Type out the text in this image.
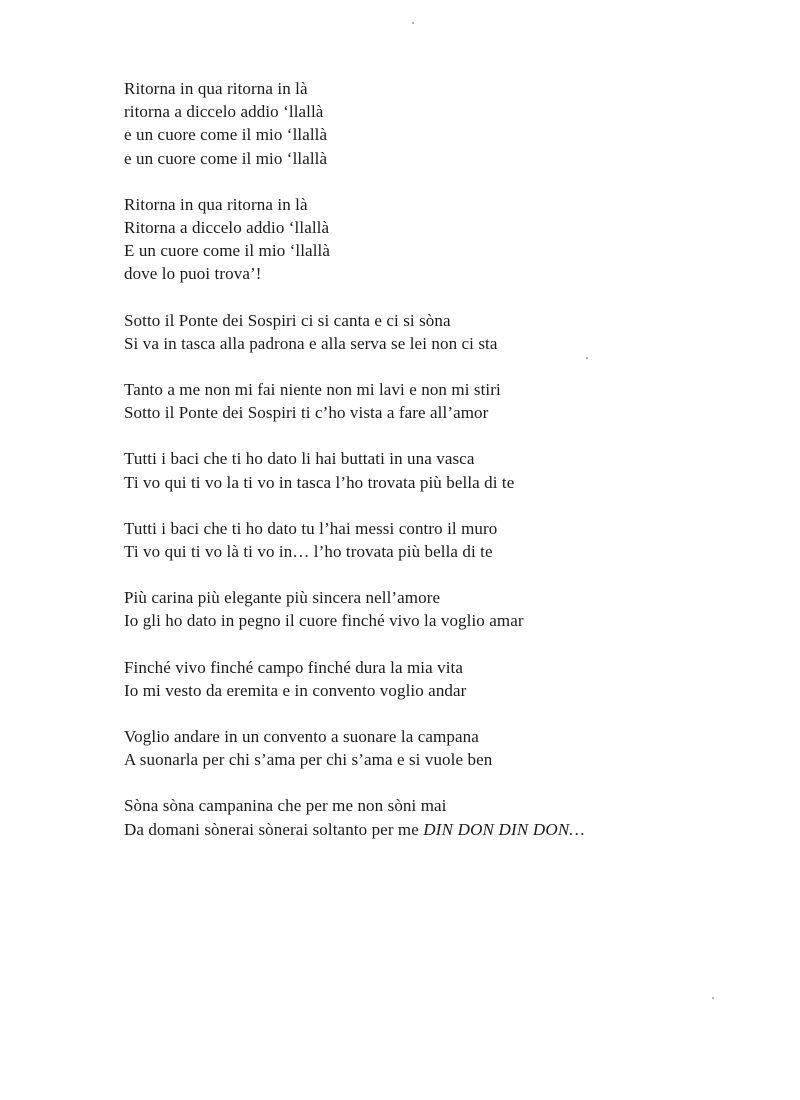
Ritorna in qua ritorna in là
ritorna a diccelo addio ‘llallà
e un cuore come il mio ‘llallà
e un cuore come il mio ‘llallà
Ritorna in qua ritorna in là
Ritorna a diccelo addio ‘llallà
E un cuore come il mio ‘llallà
dove lo puoi trova’!
Sotto il Ponte dei Sospiri ci si canta e ci si sòna
Si va in tasca alla padrona e alla serva se lei non ci sta
Tanto a me non mi fai niente non mi lavi e non mi stiri
Sotto il Ponte dei Sospiri ti c’ho vista a fare all’amor
Tutti i baci che ti ho dato li hai buttati in una vasca
Ti vo qui ti vo la ti vo in tasca l’ho trovata più bella di te
Tutti i baci che ti ho dato tu l’hai messi contro il muro
Ti vo qui ti vo là ti vo in… l’ho trovata più bella di te
Più carina più elegante più sincera nell’amore
Io gli ho dato in pegno il cuore finché vivo la voglio amar
Finché vivo finché campo finché dura la mia vita
Io mi vesto da eremita e in convento voglio andar
Voglio andare in un convento a suonare la campana
A suonarla per chi s’ama per chi s’ama e si vuole ben
Sòna sòna campanina che per me non sòni mai
Da domani sònerai sònerai soltanto per me DIN DON DIN DON…
